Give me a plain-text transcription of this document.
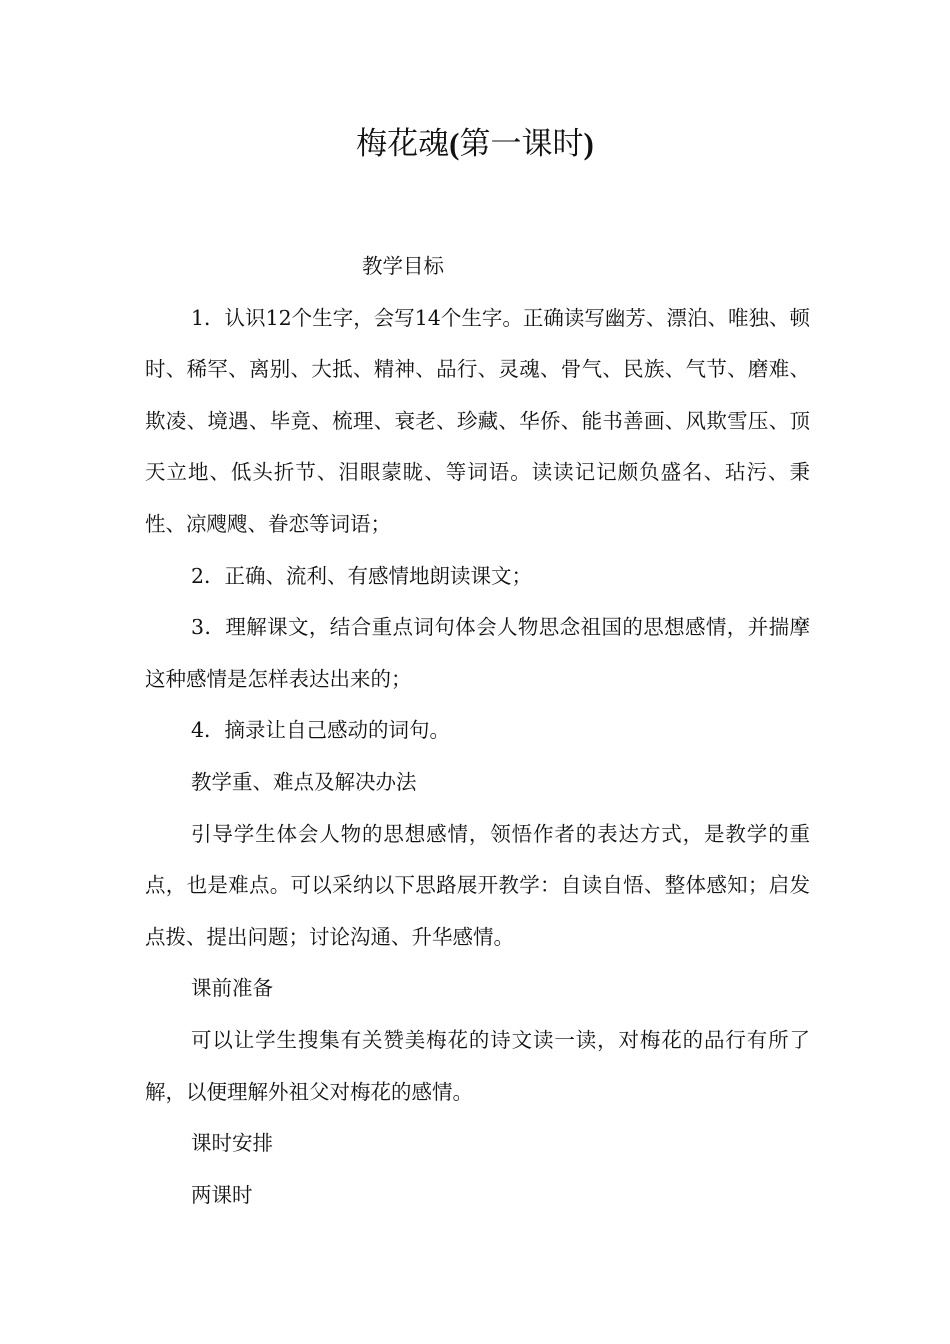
梅花魂(第一课时)

教学目标

1．认识12个生字，会写14个生字。正确读写幽芳、漂泊、唯独、顿时、稀罕、离别、大抵、精神、品行、灵魂、骨气、民族、气节、磨难、欺凌、境遇、毕竟、梳理、衰老、珍藏、华侨、能书善画、风欺雪压、顶天立地、低头折节、泪眼蒙眬、等词语。读读记记颇负盛名、玷污、秉性、凉飕飕、眷恋等词语；

2．正确、流利、有感情地朗读课文；

3．理解课文，结合重点词句体会人物思念祖国的思想感情，并揣摩这种感情是怎样表达出来的；

4．摘录让自己感动的词句。

教学重、难点及解决办法

引导学生体会人物的思想感情，领悟作者的表达方式，是教学的重点，也是难点。可以采纳以下思路展开教学：自读自悟、整体感知；启发点拨、提出问题；讨论沟通、升华感情。

课前准备

可以让学生搜集有关赞美梅花的诗文读一读，对梅花的品行有所了解，以便理解外祖父对梅花的感情。

课时安排

两课时
